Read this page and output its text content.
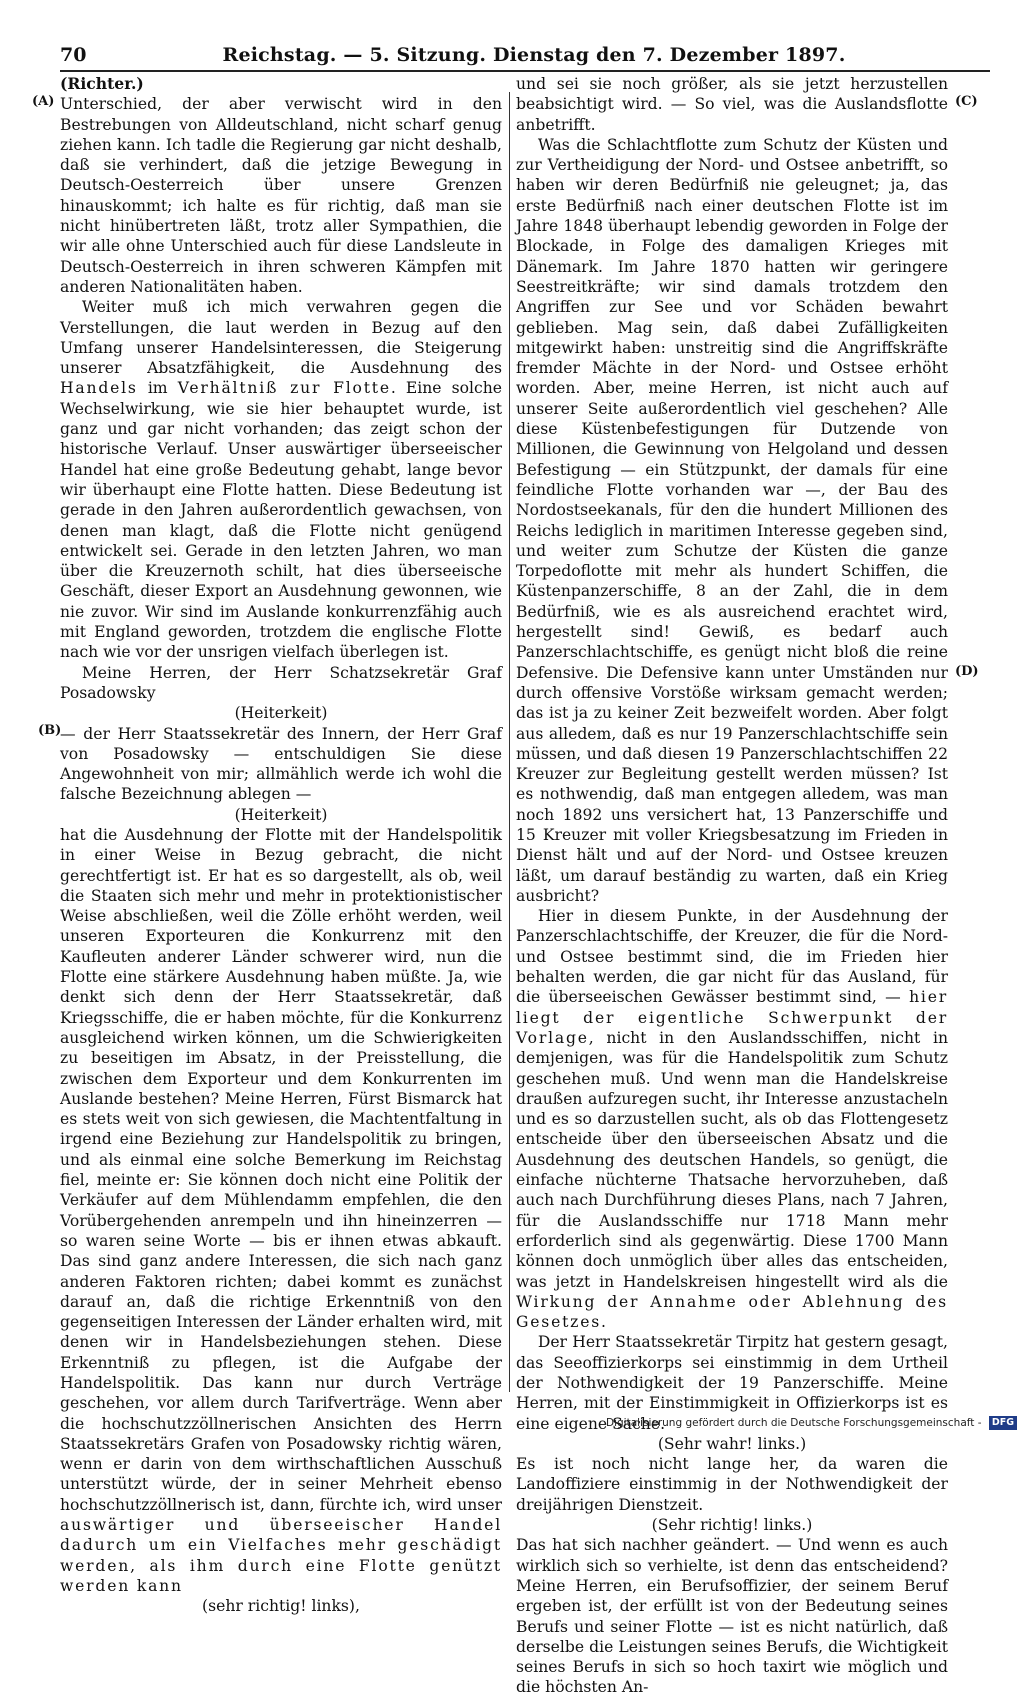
70	Reichstag. — 5. Sitzung. Dienstag den 7. Dezember 1897.
(A)
(B)
(C)
(D)

(Richter.)

Unterschied, der aber verwischt wird in den Bestrebungen von Alldeutschland, nicht scharf genug ziehen kann. Ich tadle die Regierung gar nicht deshalb, daß sie verhindert, daß die jetzige Bewegung in Deutsch-Oesterreich über unsere Grenzen hinauskommt; ich halte es für richtig, daß man sie nicht hinübertreten läßt, trotz aller Sympathien, die wir alle ohne Unterschied auch für diese Landsleute in Deutsch-Oesterreich in ihren schweren Kämpfen mit anderen Nationalitäten haben.

Weiter muß ich mich verwahren gegen die Verstellungen, die laut werden in Bezug auf den Umfang unserer Handelsinteressen, die Steigerung unserer Absatzfähigkeit, die Ausdehnung des Handels im Verhältniß zur Flotte. Eine solche Wechselwirkung, wie sie hier behauptet wurde, ist ganz und gar nicht vorhanden; das zeigt schon der historische Verlauf. Unser auswärtiger überseeischer Handel hat eine große Bedeutung gehabt, lange bevor wir überhaupt eine Flotte hatten. Diese Bedeutung ist gerade in den Jahren außerordentlich gewachsen, von denen man klagt, daß die Flotte nicht genügend entwickelt sei. Gerade in den letzten Jahren, wo man über die Kreuzernoth schilt, hat dies überseeische Geschäft, dieser Export an Ausdehnung gewonnen, wie nie zuvor. Wir sind im Auslande konkurrenzfähig auch mit England geworden, trotzdem die englische Flotte nach wie vor der unsrigen vielfach überlegen ist.

Meine Herren, der Herr Schatzsekretär Graf Posadowsky

(Heiterkeit)

— der Herr Staatssekretär des Innern, der Herr Graf von Posadowsky — entschuldigen Sie diese Angewohnheit von mir; allmählich werde ich wohl die falsche Bezeichnung ablegen —

(Heiterkeit)

hat die Ausdehnung der Flotte mit der Handelspolitik in einer Weise in Bezug gebracht, die nicht gerechtfertigt ist. Er hat es so dargestellt, als ob, weil die Staaten sich mehr und mehr in protektionistischer Weise abschließen, weil die Zölle erhöht werden, weil unseren Exporteuren die Konkurrenz mit den Kaufleuten anderer Länder schwerer wird, nun die Flotte eine stärkere Ausdehnung haben müßte. Ja, wie denkt sich denn der Herr Staatssekretär, daß Kriegsschiffe, die er haben möchte, für die Konkurrenz ausgleichend wirken können, um die Schwierigkeiten zu beseitigen im Absatz, in der Preisstellung, die zwischen dem Exporteur und dem Konkurrenten im Auslande bestehen? Meine Herren, Fürst Bismarck hat es stets weit von sich gewiesen, die Machtentfaltung in irgend eine Beziehung zur Handelspolitik zu bringen, und als einmal eine solche Bemerkung im Reichstag fiel, meinte er: Sie können doch nicht eine Politik der Verkäufer auf dem Mühlendamm empfehlen, die den Vorübergehenden anrempeln und ihn hineinzerren — so waren seine Worte — bis er ihnen etwas abkauft. Das sind ganz andere Interessen, die sich nach ganz anderen Faktoren richten; dabei kommt es zunächst darauf an, daß die richtige Erkenntniß von den gegenseitigen Interessen der Länder erhalten wird, mit denen wir in Handelsbeziehungen stehen. Diese Erkenntniß zu pflegen, ist die Aufgabe der Handelspolitik. Das kann nur durch Verträge geschehen, vor allem durch Tarifverträge. Wenn aber die hochschutzzöllnerischen Ansichten des Herrn Staatssekretärs Grafen von Posadowsky richtig wären, wenn er darin von dem wirthschaftlichen Ausschuß unterstützt würde, der in seiner Mehrheit ebenso hochschutzzöllnerisch ist, dann, fürchte ich, wird unser auswärtiger und überseeischer Handel dadurch um ein Vielfaches mehr geschädigt werden, als ihm durch eine Flotte genützt werden kann

(sehr richtig! links),

und sei sie noch größer, als sie jetzt herzustellen beabsichtigt wird. — So viel, was die Auslandsflotte anbetrifft.

Was die Schlachtflotte zum Schutz der Küsten und zur Vertheidigung der Nord- und Ostsee anbetrifft, so haben wir deren Bedürfniß nie geleugnet; ja, das erste Bedürfniß nach einer deutschen Flotte ist im Jahre 1848 überhaupt lebendig geworden in Folge der Blockade, in Folge des damaligen Krieges mit Dänemark. Im Jahre 1870 hatten wir geringere Seestreitkräfte; wir sind damals trotzdem den Angriffen zur See und vor Schäden bewahrt geblieben. Mag sein, daß dabei Zufälligkeiten mitgewirkt haben: unstreitig sind die Angriffskräfte fremder Mächte in der Nord- und Ostsee erhöht worden. Aber, meine Herren, ist nicht auch auf unserer Seite außerordentlich viel geschehen? Alle diese Küstenbefestigungen für Dutzende von Millionen, die Gewinnung von Helgoland und dessen Befestigung — ein Stützpunkt, der damals für eine feindliche Flotte vorhanden war —, der Bau des Nordostseekanals, für den die hundert Millionen des Reichs lediglich in maritimen Interesse gegeben sind, und weiter zum Schutze der Küsten die ganze Torpedoflotte mit mehr als hundert Schiffen, die Küstenpanzerschiffe, 8 an der Zahl, die in dem Bedürfniß, wie es als ausreichend erachtet wird, hergestellt sind! Gewiß, es bedarf auch Panzerschlachtschiffe, es genügt nicht bloß die reine Defensive. Die Defensive kann unter Umständen nur durch offensive Vorstöße wirksam gemacht werden; das ist ja zu keiner Zeit bezweifelt worden. Aber folgt aus alledem, daß es nur 19 Panzerschlachtschiffe sein müssen, und daß diesen 19 Panzerschlachtschiffen 22 Kreuzer zur Begleitung gestellt werden müssen? Ist es nothwendig, daß man entgegen alledem, was man noch 1892 uns versichert hat, 13 Panzerschiffe und 15 Kreuzer mit voller Kriegsbesatzung im Frieden in Dienst hält und auf der Nord- und Ostsee kreuzen läßt, um darauf beständig zu warten, daß ein Krieg ausbricht?

Hier in diesem Punkte, in der Ausdehnung der Panzerschlachtschiffe, der Kreuzer, die für die Nord- und Ostsee bestimmt sind, die im Frieden hier behalten werden, die gar nicht für das Ausland, für die überseeischen Gewässer bestimmt sind, — hier liegt der eigentliche Schwerpunkt der Vorlage, nicht in den Auslandsschiffen, nicht in demjenigen, was für die Handelspolitik zum Schutz geschehen muß. Und wenn man die Handelskreise draußen aufzuregen sucht, ihr Interesse anzustacheln und es so darzustellen sucht, als ob das Flottengesetz entscheide über den überseeischen Absatz und die Ausdehnung des deutschen Handels, so genügt, die einfache nüchterne Thatsache hervorzuheben, daß auch nach Durchführung dieses Plans, nach 7 Jahren, für die Auslandsschiffe nur 1718 Mann mehr erforderlich sind als gegenwärtig. Diese 1700 Mann können doch unmöglich über alles das entscheiden, was jetzt in Handelskreisen hingestellt wird als die Wirkung der Annahme oder Ablehnung des Gesetzes.

Der Herr Staatssekretär Tirpitz hat gestern gesagt, das Seeoffizierkorps sei einstimmig in dem Urtheil der Nothwendigkeit der 19 Panzerschiffe. Meine Herren, mit der Einstimmigkeit in Offizierkorps ist es eine eigene Sache.

(Sehr wahr! links.)

Es ist noch nicht lange her, da waren die Landoffiziere einstimmig in der Nothwendigkeit der dreijährigen Dienstzeit.

(Sehr richtig! links.)

Das hat sich nachher geändert. — Und wenn es auch wirklich sich so verhielte, ist denn das entscheidend? Meine Herren, ein Berufsoffizier, der seinem Beruf ergeben ist, der erfüllt ist von der Bedeutung seines Berufs und seiner Flotte — ist es nicht natürlich, daß derselbe die Leistungen seines Berufs, die Wichtigkeit seines Berufs in sich so hoch taxirt wie möglich und die höchsten An-

Digitalisierung gefördert durch die Deutsche Forschungsgemeinschaft - DFG
